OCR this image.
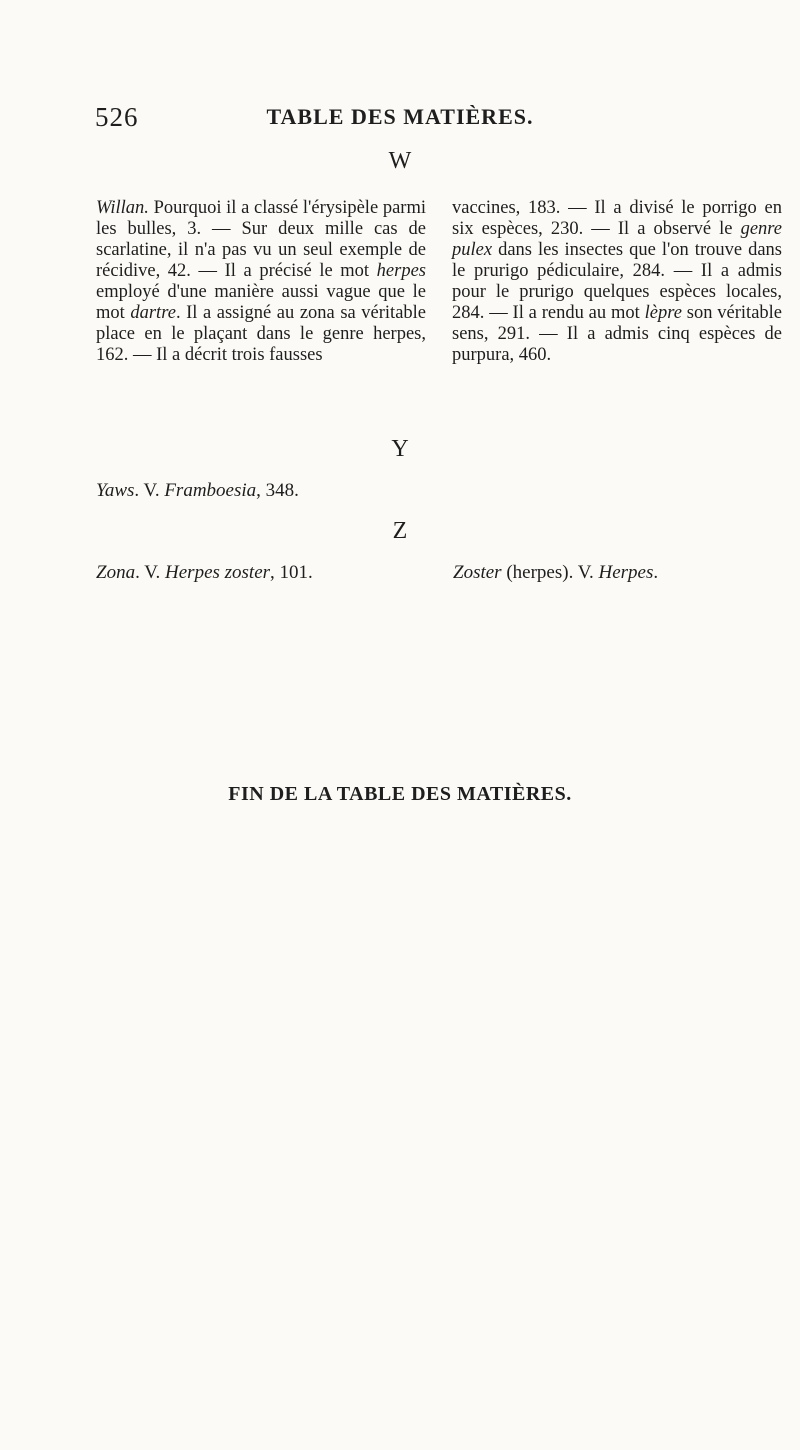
526	TABLE DES MATIÈRES.
W

Willan. Pourquoi il a classé l'érysipèle parmi les bulles, 3. — Sur deux mille cas de scarlatine, il n'a pas vu un seul exemple de récidive, 42. — Il a précisé le mot herpes employé d'une manière aussi vague que le mot dartre. Il a assigné au zona sa véritable place en le plaçant dans le genre herpes, 162. — Il a décrit trois fausses

vaccines, 183. — Il a divisé le porrigo en six espèces, 230. — Il a observé le genre pulex dans les insectes que l'on trouve dans le prurigo pédiculaire, 284. — Il a admis pour le prurigo quelques espèces locales, 284. — Il a rendu au mot lèpre son véritable sens, 291. — Il a admis cinq espèces de purpura, 460.

Y
Yaws. V. Framboesia, 348.
Z
Zona. V. Herpes zoster, 101.	Zoster (herpes). V. Herpes.
FIN DE LA TABLE DES MATIÈRES.
